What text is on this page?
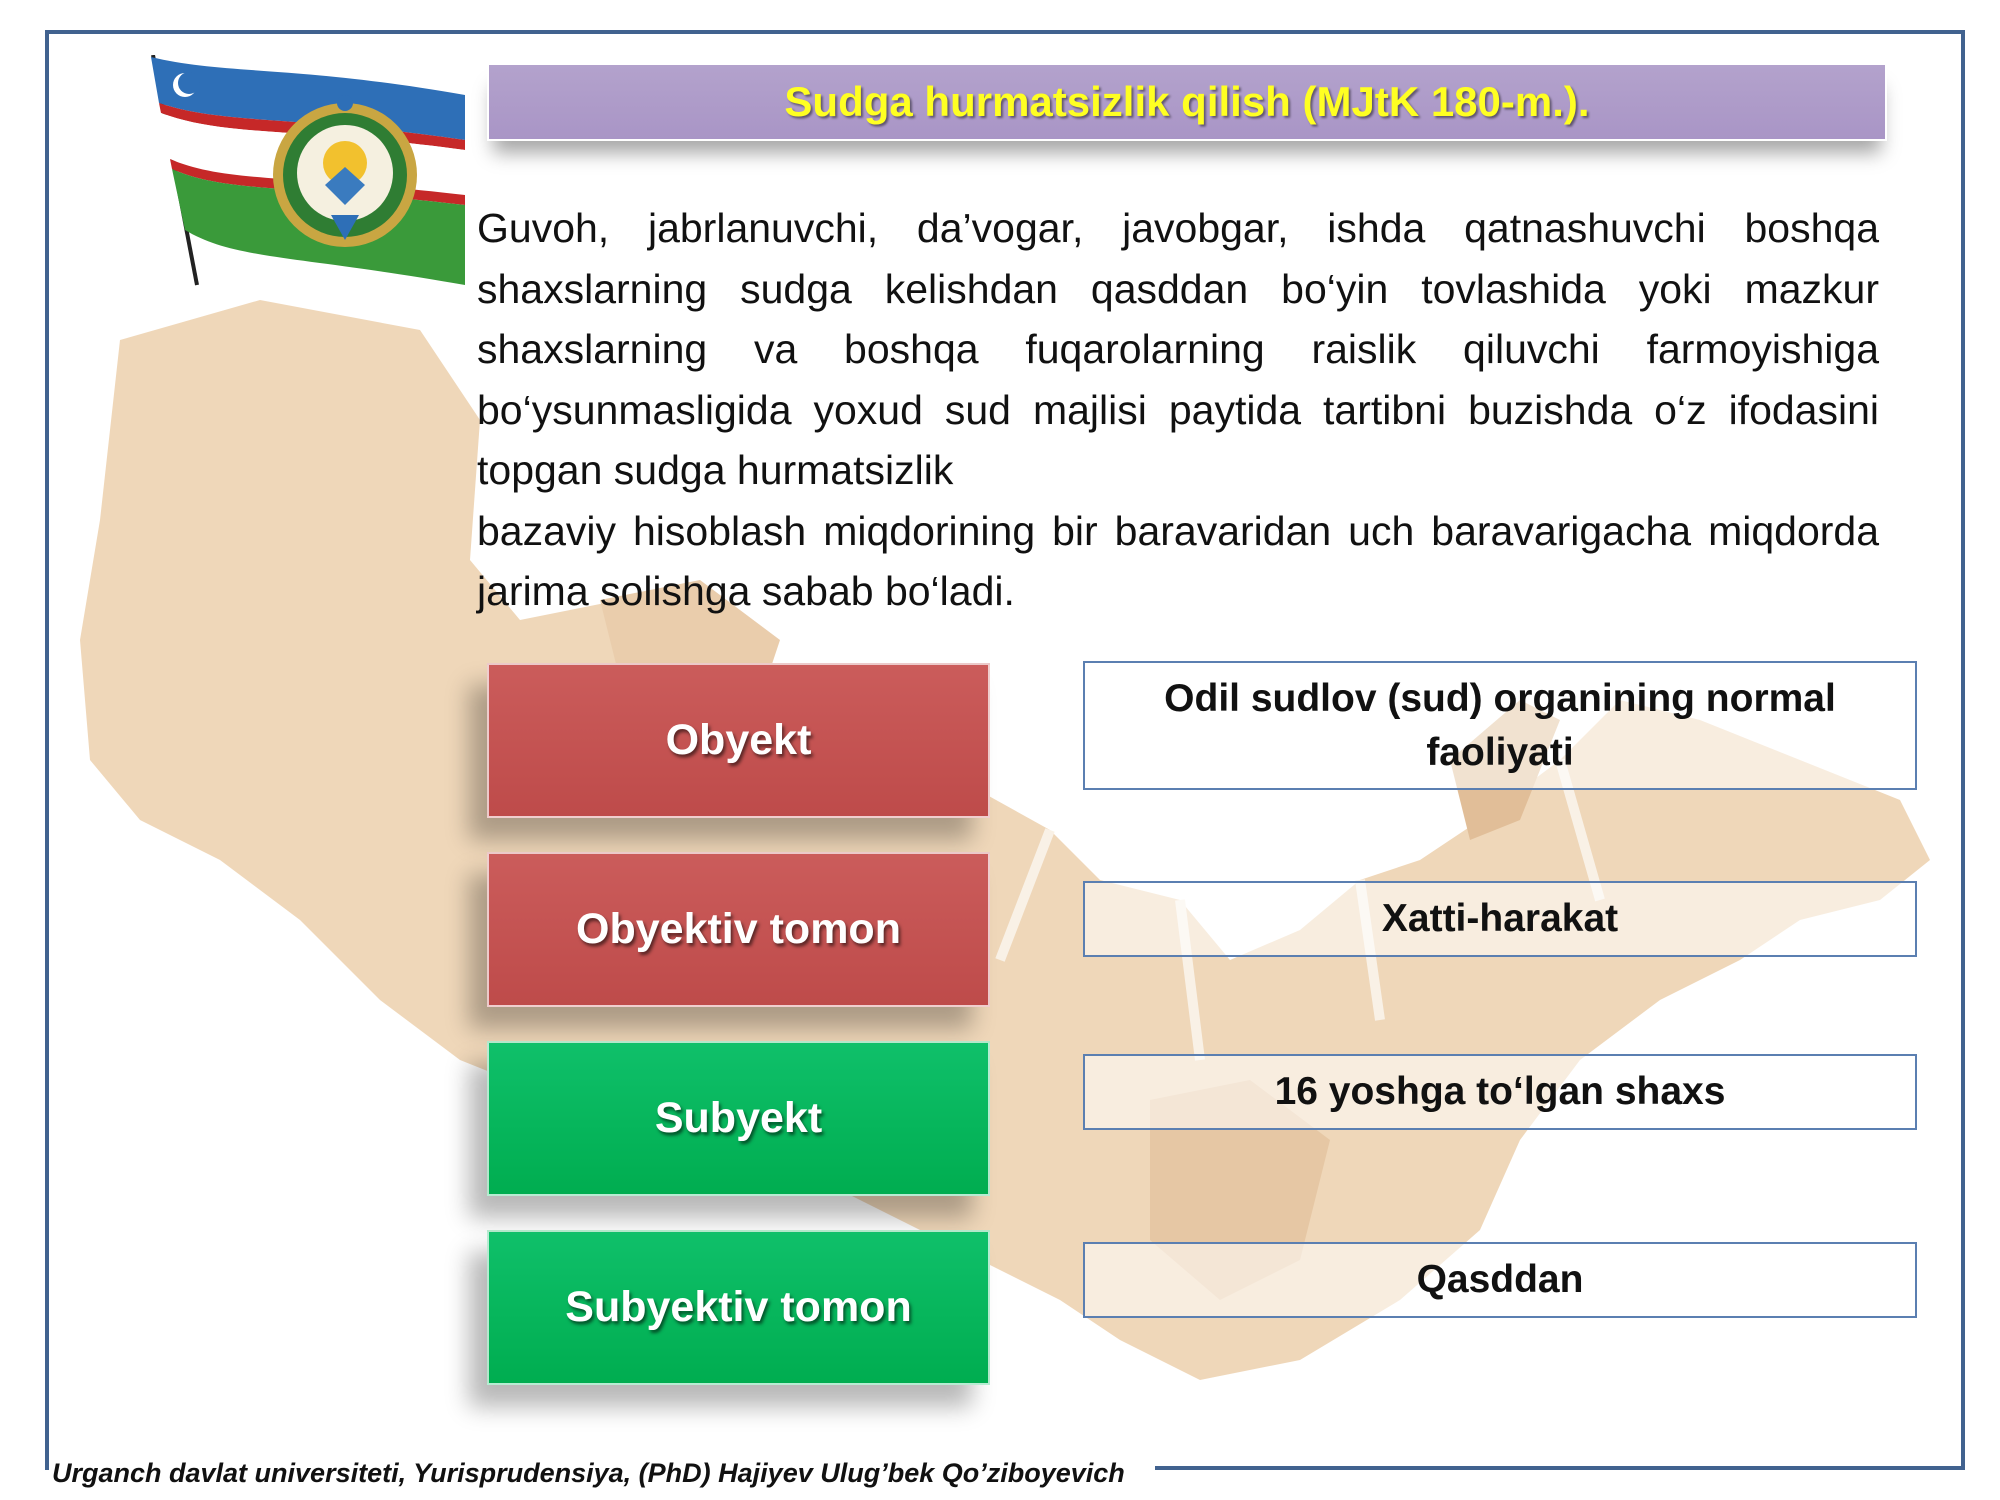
Sudga hurmatsizlik qilish (MJtK 180-m.).

Guvoh, jabrlanuvchi, da’vogar, javobgar, ishda qatnashuvchi boshqa shaxslarning sudga kelishdan qasddan bo‘yin tovlashida yoki mazkur shaxslarning va boshqa fuqarolarning raislik qiluvchi farmoyishiga bo‘ysunmasligida yoxud sud majlisi paytida tartibni buzishda o‘z ifodasini topgan sudga hurmatsizlik

bazaviy hisoblash miqdorining bir baravaridan uch baravarigacha miqdorda jarima solishga sabab bo‘ladi.

Obyekt
Obyektiv tomon
Subyekt
Subyektiv tomon
Odil sudlov (sud) organining normal faoliyati
Xatti-harakat
16 yoshga to‘lgan shaxs
Qasddan
Urganch davlat universiteti, Yurisprudensiya, (PhD) Hajiyev Ulug’bek Qo’ziboyevich
